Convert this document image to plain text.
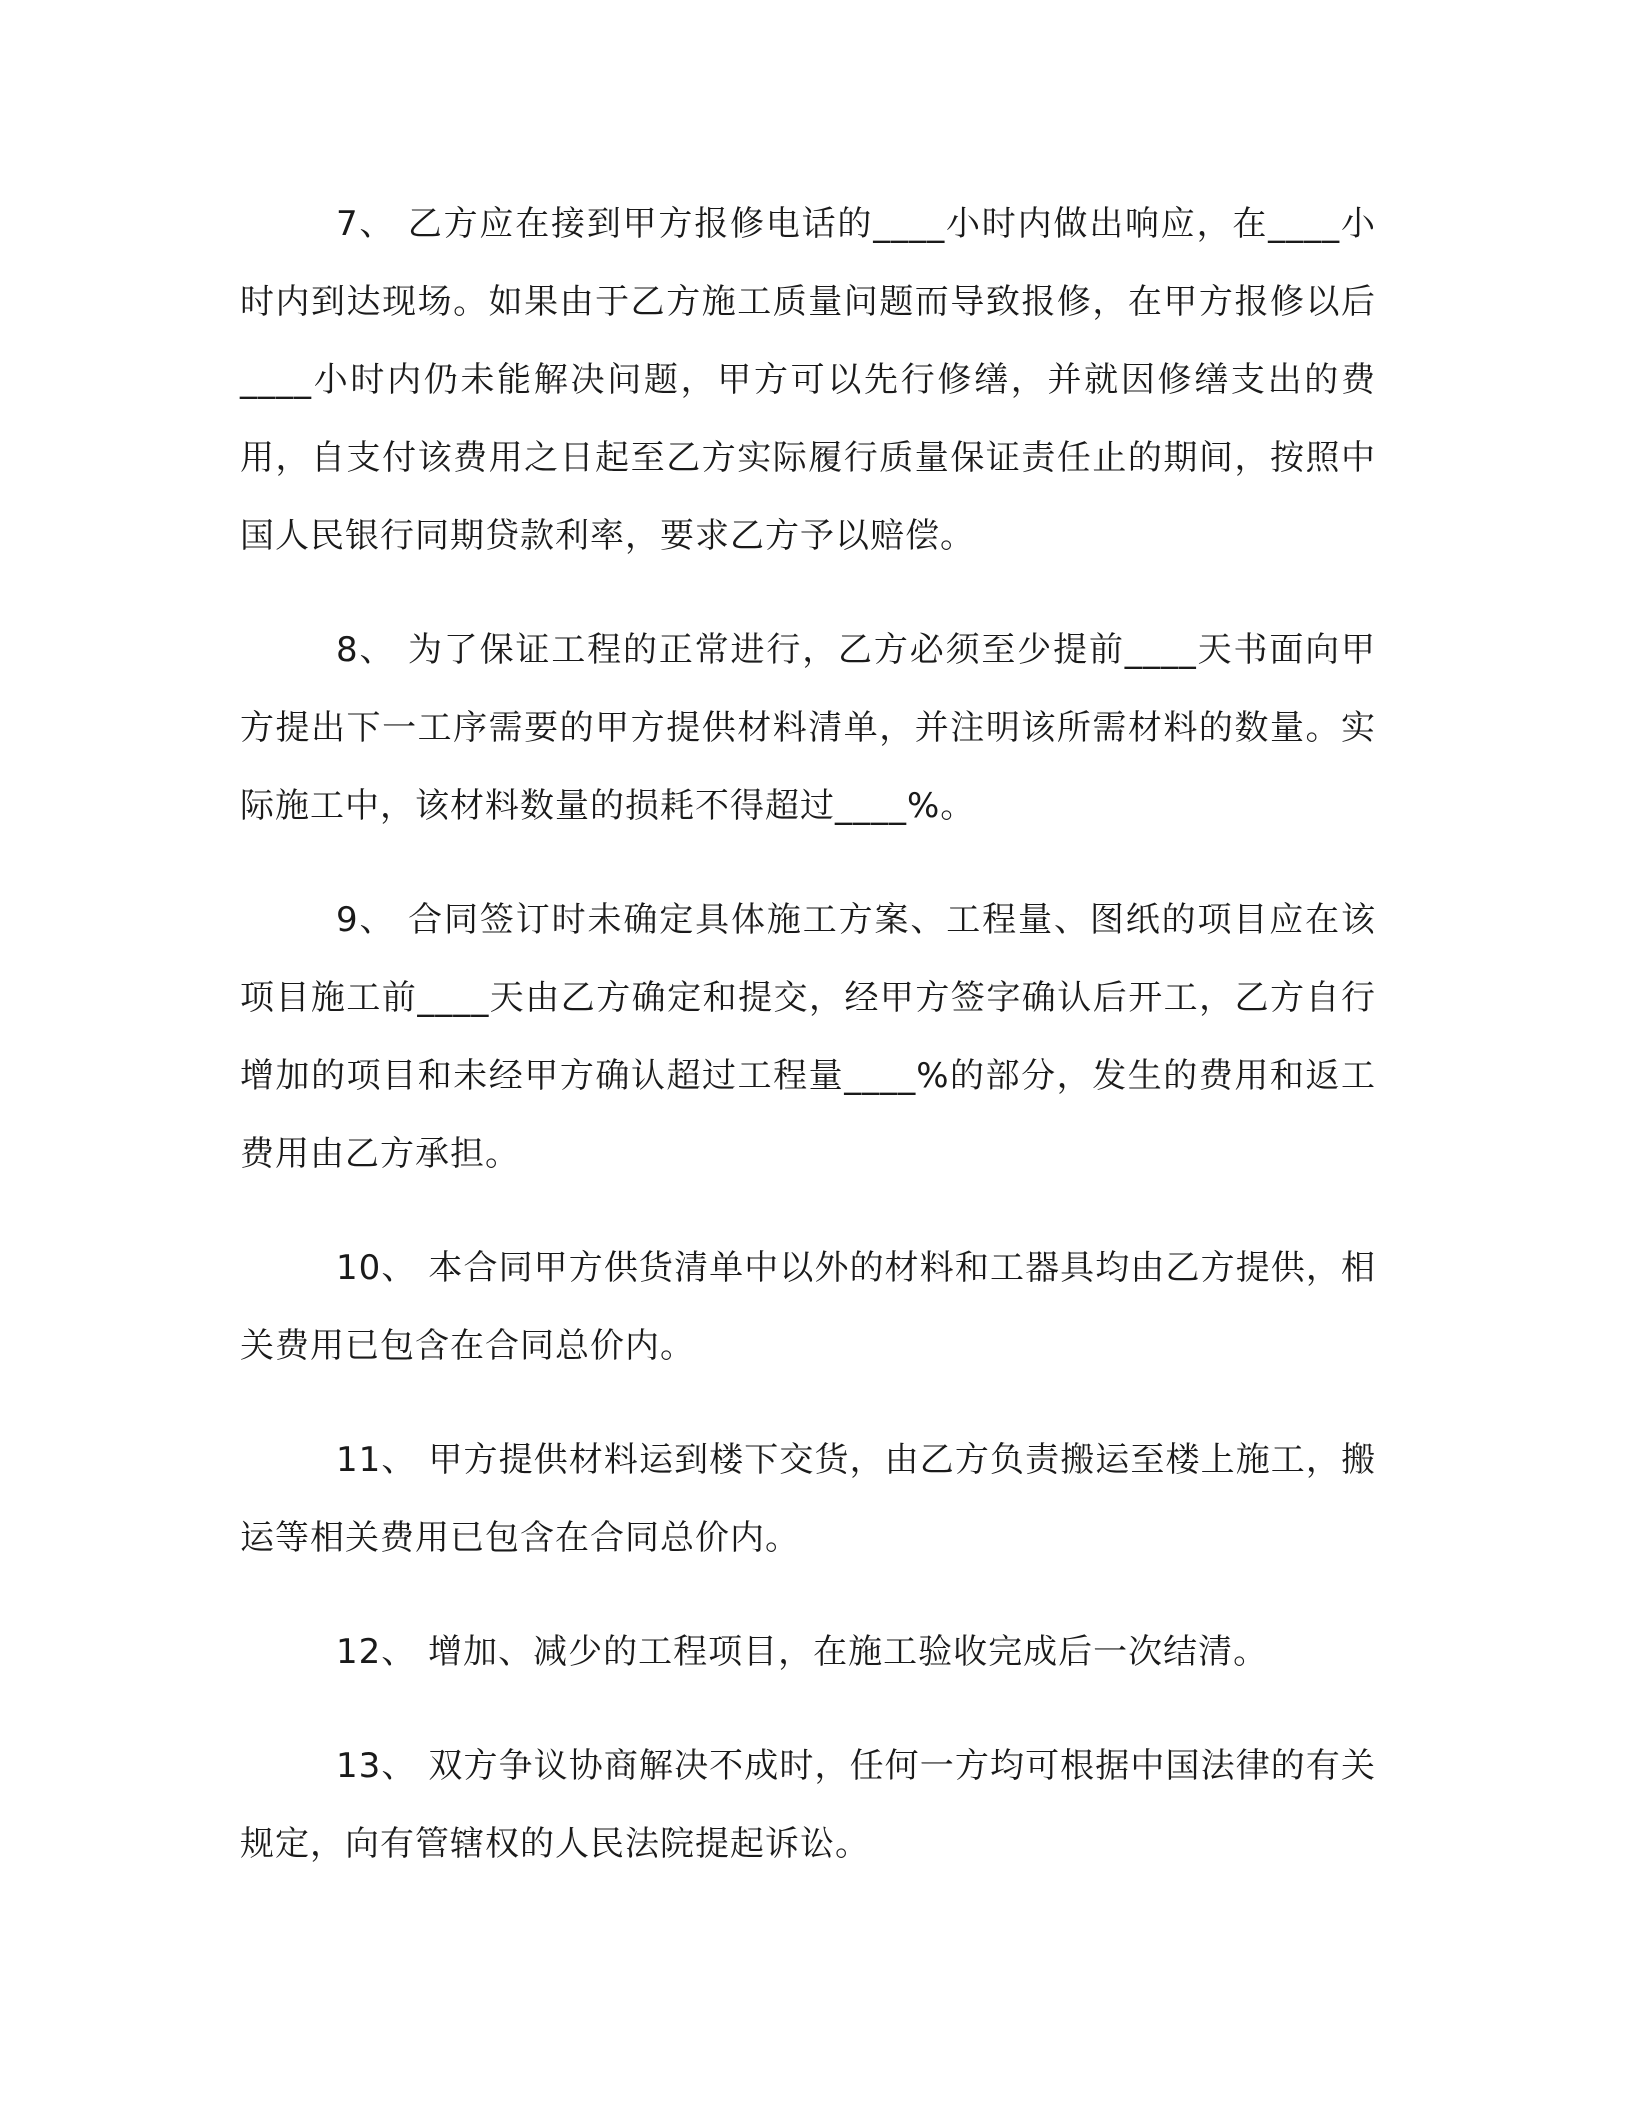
7、 乙方应在接到甲方报修电话的____小时内做出响应，在____小时内到达现场。如果由于乙方施工质量问题而导致报修，在甲方报修以后____小时内仍未能解决问题，甲方可以先行修缮，并就因修缮支出的费用，自支付该费用之日起至乙方实际履行质量保证责任止的期间，按照中国人民银行同期贷款利率，要求乙方予以赔偿。

8、 为了保证工程的正常进行，乙方必须至少提前____天书面向甲方提出下一工序需要的甲方提供材料清单，并注明该所需材料的数量。实际施工中，该材料数量的损耗不得超过____%。

9、 合同签订时未确定具体施工方案、工程量、图纸的项目应在该项目施工前____天由乙方确定和提交，经甲方签字确认后开工，乙方自行增加的项目和未经甲方确认超过工程量____%的部分，发生的费用和返工费用由乙方承担。

10、 本合同甲方供货清单中以外的材料和工器具均由乙方提供，相关费用已包含在合同总价内。

11、 甲方提供材料运到楼下交货，由乙方负责搬运至楼上施工，搬运等相关费用已包含在合同总价内。

12、 增加、减少的工程项目，在施工验收完成后一次结清。

13、 双方争议协商解决不成时，任何一方均可根据中国法律的有关规定，向有管辖权的人民法院提起诉讼。
